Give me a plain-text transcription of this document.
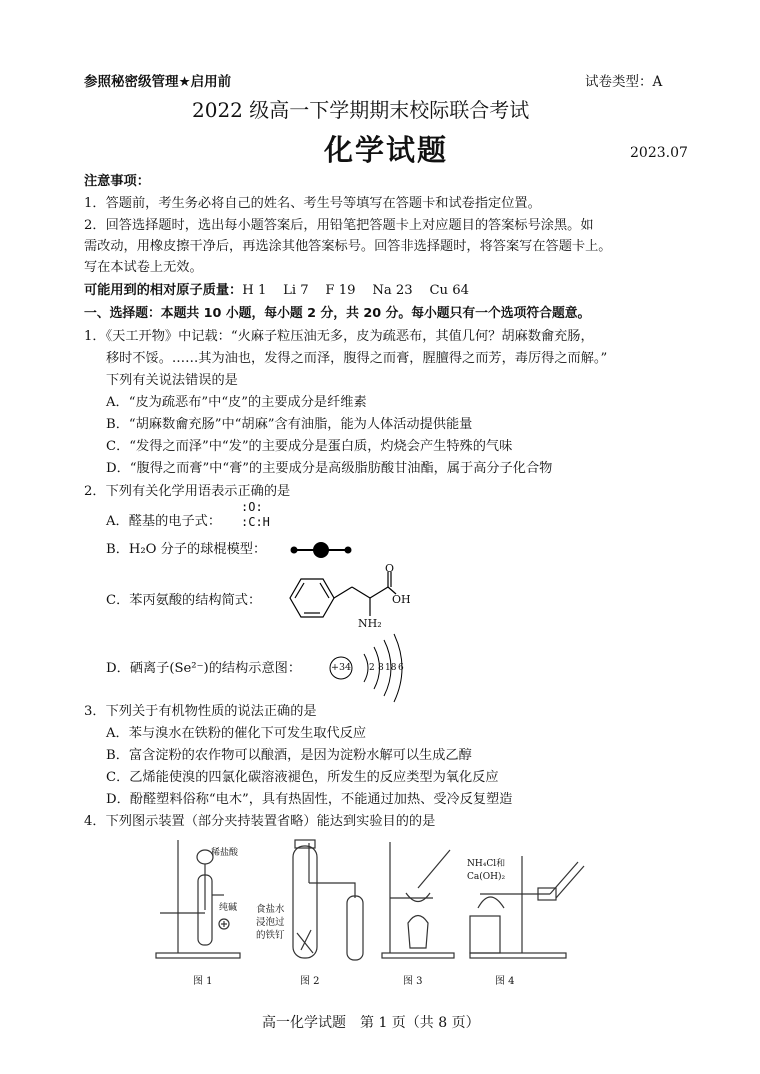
参照秘密级管理★启用前	试卷类型：A
2022 级高一下学期期末校际联合考试
化学试题	2023.07
注意事项：
1．答题前，考生务必将自己的姓名、考生号等填写在答题卡和试卷指定位置。
2．回答选择题时，选出每小题答案后，用铅笔把答题卡上对应题目的答案标号涂黑。如
需改动，用橡皮擦干净后，再选涂其他答案标号。回答非选择题时，将答案写在答题卡上。
写在本试卷上无效。
可能用到的相对原子质量：H 1    Li 7    F 19    Na 23    Cu 64
一、选择题：本题共 10 小题，每小题 2 分，共 20 分。每小题只有一个选项符合题意。
1．《天工开物》中记载：“火麻子粒压油无多，皮为疏恶布，其值几何？胡麻数龠充肠，
移时不馁。……其为油也，发得之而泽，腹得之而膏，腥膻得之而芳，毒厉得之而解。”
下列有关说法错误的是
A．“皮为疏恶布”中“皮”的主要成分是纤维素
B．“胡麻数龠充肠”中“胡麻”含有油脂，能为人体活动提供能量
C．“发得之而泽”中“发”的主要成分是蛋白质，灼烧会产生特殊的气味
D．“腹得之而膏”中“膏”的主要成分是高级脂肪酸甘油酯，属于高分子化合物
2．下列有关化学用语表示正确的是
A．醛基的电子式：
:O:
:C:H
B．H₂O 分子的球棍模型：
C．苯丙氨酸的结构简式：
O
OH
NH₂
D．硒离子(Se²⁻)的结构示意图：	+34 2 8 18 6
3．下列关于有机物性质的说法正确的是
A．苯与溴水在铁粉的催化下可发生取代反应
B．富含淀粉的农作物可以酿酒，是因为淀粉水解可以生成乙醇
C．乙烯能使溴的四氯化碳溶液褪色，所发生的反应类型为氧化反应
D．酚醛塑料俗称“电木”，具有热固性，不能通过加热、受冷反复塑造
4．下列图示装置（部分夹持装置省略）能达到实验目的的是
稀盐酸
纯碱 食盐水
浸泡过
的铁钉
NH₄Cl和
Ca(OH)₂
图 1	图 2	图 3	图 4
高一化学试题　第 1 页（共 8 页）
